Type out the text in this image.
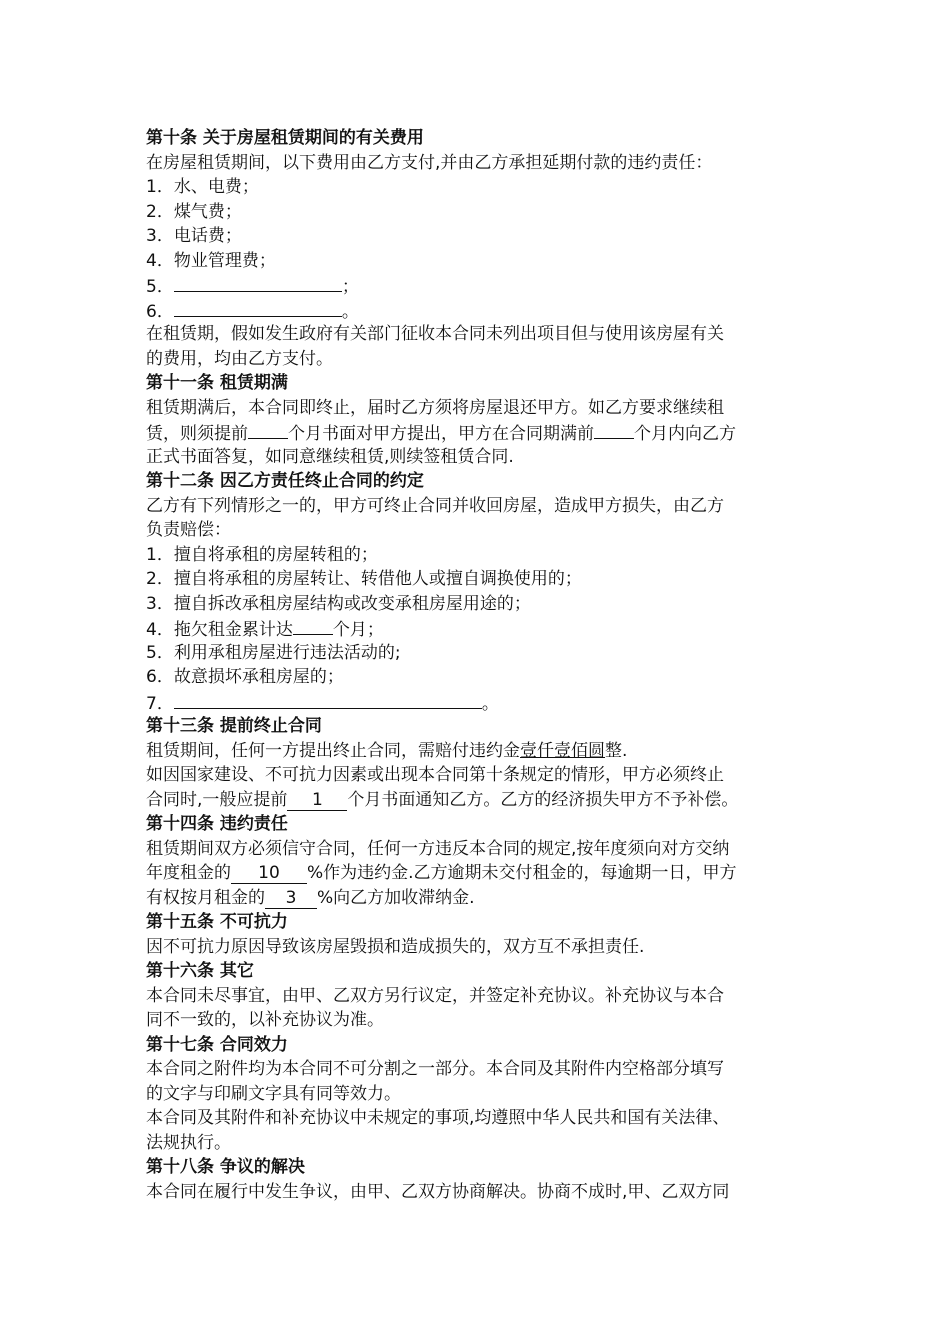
第十条 关于房屋租赁期间的有关费用
在房屋租赁期间，以下费用由乙方支付,并由乙方承担延期付款的违约责任：
1．水、电费；
2．煤气费；
3．电话费；
4．物业管理费；
5．	；
6．	。
在租赁期，假如发生政府有关部门征收本合同未列出项目但与使用该房屋有关
的费用，均由乙方支付。
第十一条 租赁期满
租赁期满后，本合同即终止，届时乙方须将房屋退还甲方。如乙方要求继续租
赁，则须提前 个月书面对甲方提出，甲方在合同期满前 个月内向乙方
正式书面答复，如同意继续租赁,则续签租赁合同.
第十二条 因乙方责任终止合同的约定
乙方有下列情形之一的，甲方可终止合同并收回房屋，造成甲方损失，由乙方
负责赔偿：
1．擅自将承租的房屋转租的；
2．擅自将承租的房屋转让、转借他人或擅自调换使用的；
3．擅自拆改承租房屋结构或改变承租房屋用途的；
4．拖欠租金累计达 个月；
5．利用承租房屋进行违法活动的;
6．故意损坏承租房屋的；
7．	。
第十三条 提前终止合同
租赁期间，任何一方提出终止合同，需赔付违约金壹仟壹佰圆整.
如因国家建设、不可抗力因素或出现本合同第十条规定的情形，甲方必须终止
合同时,一般应提前 1 个月书面通知乙方。乙方的经济损失甲方不予补偿。
第十四条 违约责任
租赁期间双方必须信守合同，任何一方违反本合同的规定,按年度须向对方交纳
年度租金的 10 %作为违约金.乙方逾期未交付租金的，每逾期一日，甲方
有权按月租金的 3 %向乙方加收滞纳金.
第十五条 不可抗力
因不可抗力原因导致该房屋毁损和造成损失的，双方互不承担责任.
第十六条 其它
本合同未尽事宜，由甲、乙双方另行议定，并签定补充协议。补充协议与本合
同不一致的，以补充协议为准。
第十七条 合同效力
本合同之附件均为本合同不可分割之一部分。本合同及其附件内空格部分填写
的文字与印刷文字具有同等效力。
本合同及其附件和补充协议中未规定的事项,均遵照中华人民共和国有关法律、
法规执行。
第十八条 争议的解决
本合同在履行中发生争议，由甲、乙双方协商解决。协商不成时,甲、乙双方同
